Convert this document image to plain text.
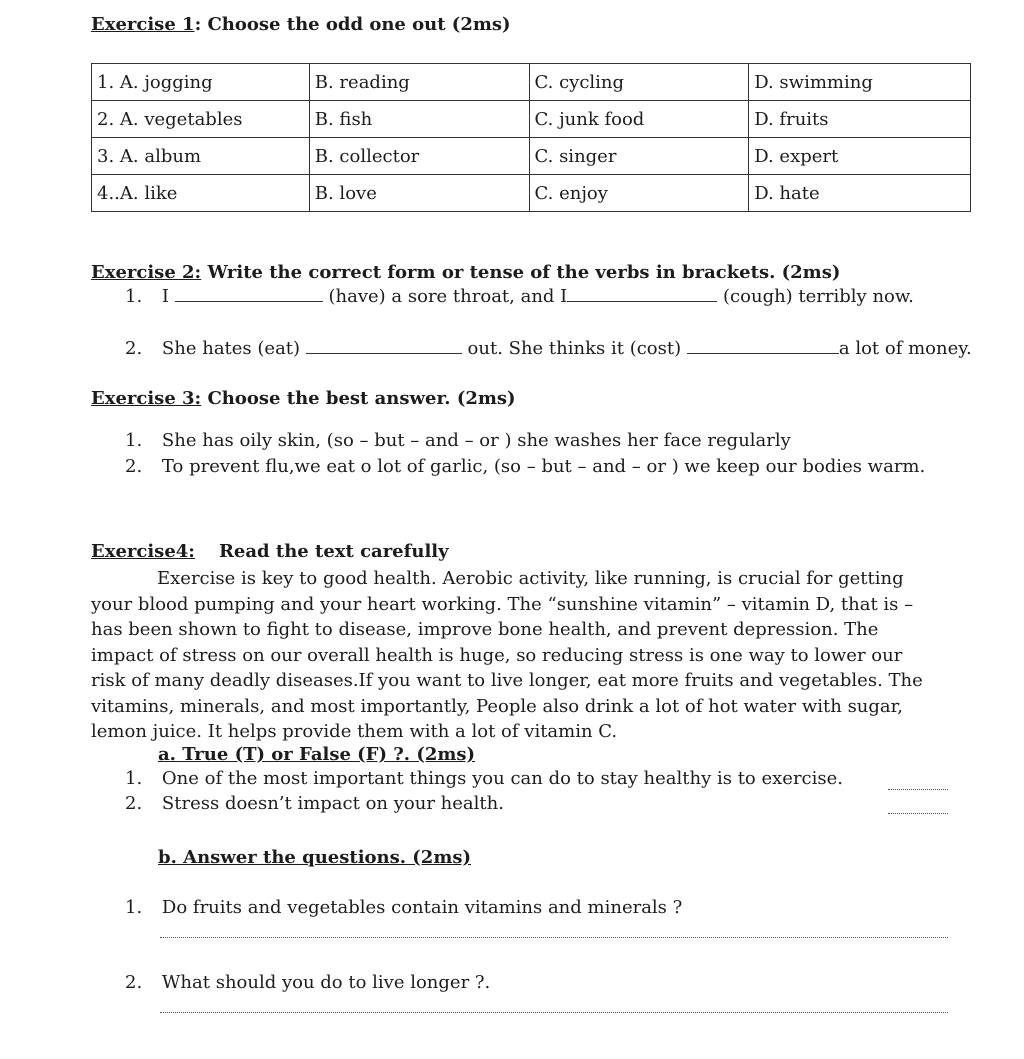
Exercise 1: Choose the odd one out (2ms)
1. A. jogging	B. reading	C. cycling	D. swimming
2. A. vegetables	B. fish	C. junk food	D. fruits
3. A. album	B. collector	C. singer	D. expert
4..A. like	B. love	C. enjoy	D. hate
Exercise 2: Write the correct form or tense of the verbs in brackets. (2ms)
1. I	(have) a sore throat, and I	(cough) terribly now.
2. She hates (eat)	out. She thinks it (cost)	a lot of money.
Exercise 3: Choose the best answer. (2ms)
1. She has oily skin, (so – but – and – or ) she washes her face regularly
2. To prevent flu,we eat o lot of garlic, (so – but – and – or ) we keep our bodies warm.
Exercise4: Read the text carefully
Exercise is key to good health. Aerobic activity, like running, is crucial for getting your blood pumping and your heart working. The “sunshine vitamin” – vitamin D, that is – has been shown to fight to disease, improve bone health, and prevent depression. The impact of stress on our overall health is huge, so reducing stress is one way to lower our risk of many deadly diseases.If you want to live longer, eat more fruits and vegetables. The vitamins, minerals, and most importantly, People also drink a lot of hot water with sugar, lemon juice. It helps provide them with a lot of vitamin C.
a. True (T) or False (F) ?. (2ms)
1. One of the most important things you can do to stay healthy is to exercise.
2. Stress doesn’t impact on your health.
b. Answer the questions. (2ms)
1. Do fruits and vegetables contain vitamins and minerals ?
2. What should you do to live longer ?.
